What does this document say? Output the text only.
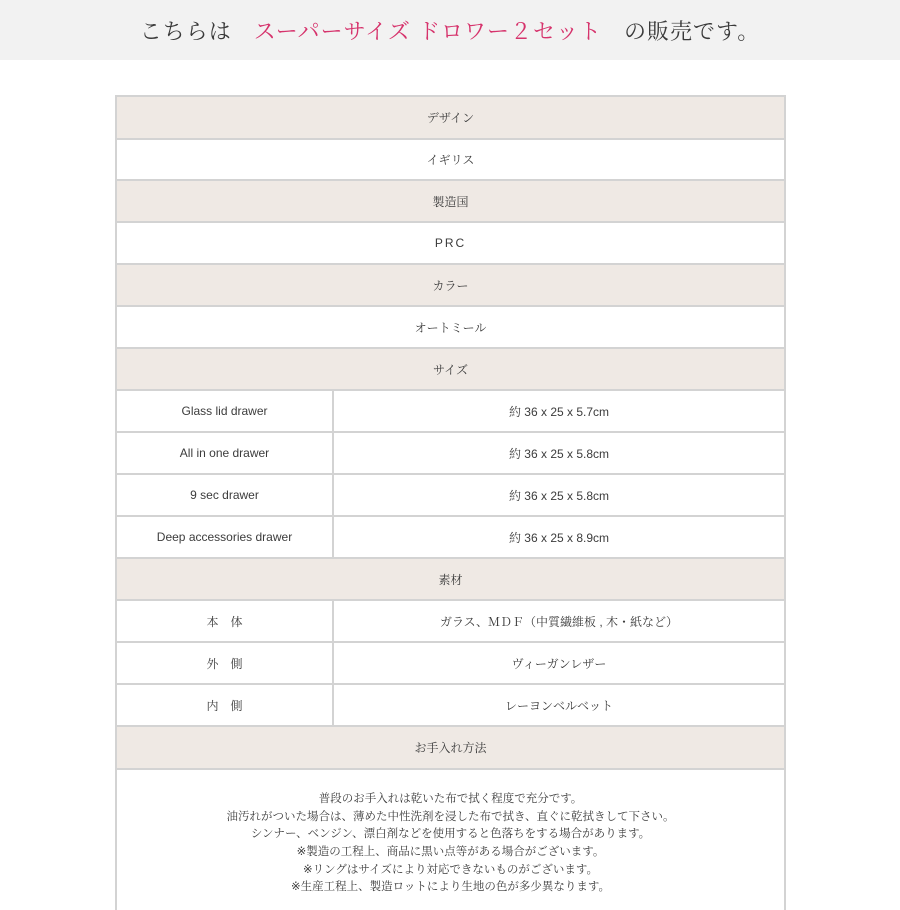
こちらは スーパーサイズ ドロワー２セット の販売です。
デザイン
イギリス
製造国
PRC
カラー
オートミール
サイズ
Glass lid drawer	約 36 x 25 x 5.7cm
All in one drawer	約 36 x 25 x 5.8cm
9 sec drawer	約 36 x 25 x 5.8cm
Deep accessories drawer	約 36 x 25 x 8.9cm
素材
本　体	ガラス、ＭＤＦ（中質繊維板 , 木・紙など）
外　側	ヴィーガンレザー
内　側	レーヨンベルベット
お手入れ方法
普段のお手入れは乾いた布で拭く程度で充分です。
油汚れがついた場合は、薄めた中性洗剤を浸した布で拭き、直ぐに乾拭きして下さい。
シンナー、ベンジン、漂白剤などを使用すると色落ちをする場合があります。
※製造の工程上、商品に黒い点等がある場合がございます。
※リングはサイズにより対応できないものがございます。
※生産工程上、製造ロットにより生地の色が多少異なります。
